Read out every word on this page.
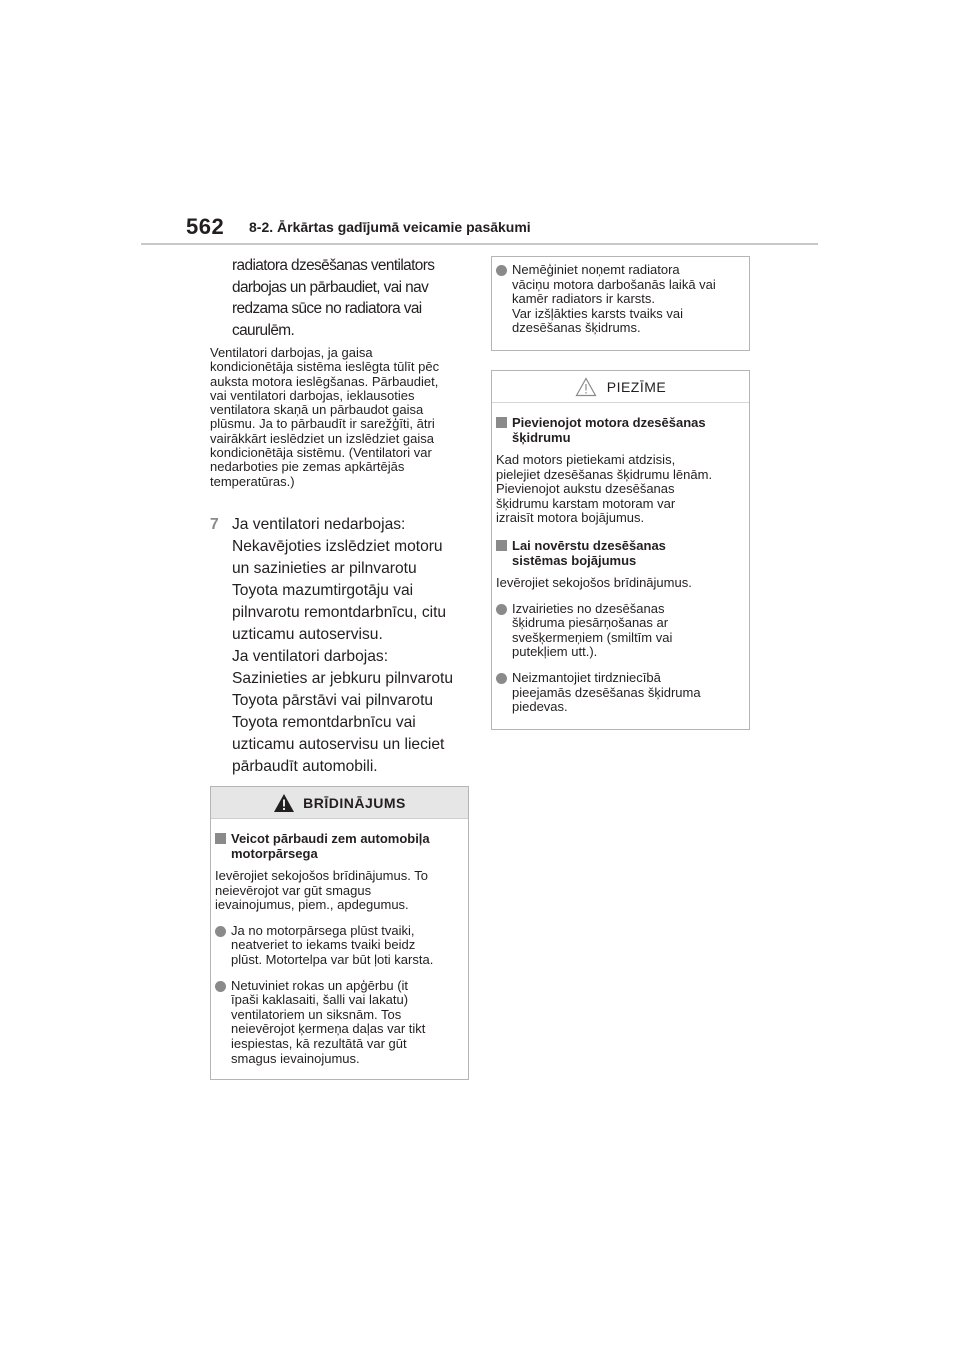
562 8-2. Ārkārtas gadījumā veicamie pasākumi
radiatora dzesēšanas ventilators
darbojas un pārbaudiet, vai nav
redzama sūce no radiatora vai
caurulēm.
Ventilatori darbojas, ja gaisa
kondicionētāja sistēma ieslēgta tūlīt pēc
auksta motora ieslēgšanas. Pārbaudiet,
vai ventilatori darbojas, ieklausoties
ventilatora skaņā un pārbaudot gaisa
plūsmu. Ja to pārbaudīt ir sarežģīti, ātri
vairākkārt ieslēdziet un izslēdziet gaisa
kondicionētāja sistēmu. (Ventilatori var
nedarboties pie zemas apkārtējās
temperatūras.)
7 Ja ventilatori nedarbojas:
Nekavējoties izslēdziet motoru
un sazinieties ar pilnvarotu
Toyota mazumtirgotāju vai
pilnvarotu remontdarbnīcu, citu
uzticamu autoservisu.
Ja ventilatori darbojas:
Sazinieties ar jebkuru pilnvarotu
Toyota pārstāvi vai pilnvarotu
Toyota remontdarbnīcu vai
uzticamu autoservisu un lieciet
pārbaudīt automobili.
BRĪDINĀJUMS
Veicot pārbaudi zem automobiļa
motorpārsega
Ievērojiet sekojošos brīdinājumus. To
neievērojot var gūt smagus
ievainojumus, piem., apdegumus.
Ja no motorpārsega plūst tvaiki,
neatveriet to iekams tvaiki beidz
plūst. Motortelpa var būt ļoti karsta.
Netuviniet rokas un apģērbu (it
īpaši kaklasaiti, šalli vai lakatu)
ventilatoriem un siksnām. Tos
neievērojot ķermeņa daļas var tikt
iespiestas, kā rezultātā var gūt
smagus ievainojumus.
Nemēģiniet noņemt radiatora
vāciņu motora darbošanās laikā vai
kamēr radiators ir karsts.
Var izšļākties karsts tvaiks vai
dzesēšanas šķidrums.
PIEZĪME
Pievienojot motora dzesēšanas
šķidrumu
Kad motors pietiekami atdzisis,
pielejiet dzesēšanas šķidrumu lēnām.
Pievienojot aukstu dzesēšanas
šķidrumu karstam motoram var
izraisīt motora bojājumus.
Lai novērstu dzesēšanas
sistēmas bojājumus
Ievērojiet sekojošos brīdinājumus.
Izvairieties no dzesēšanas
šķidruma piesārņošanas ar
svešķermeņiem (smiltīm vai
putekļiem utt.).
Neizmantojiet tirdzniecībā
pieejamās dzesēšanas šķidruma
piedevas.
